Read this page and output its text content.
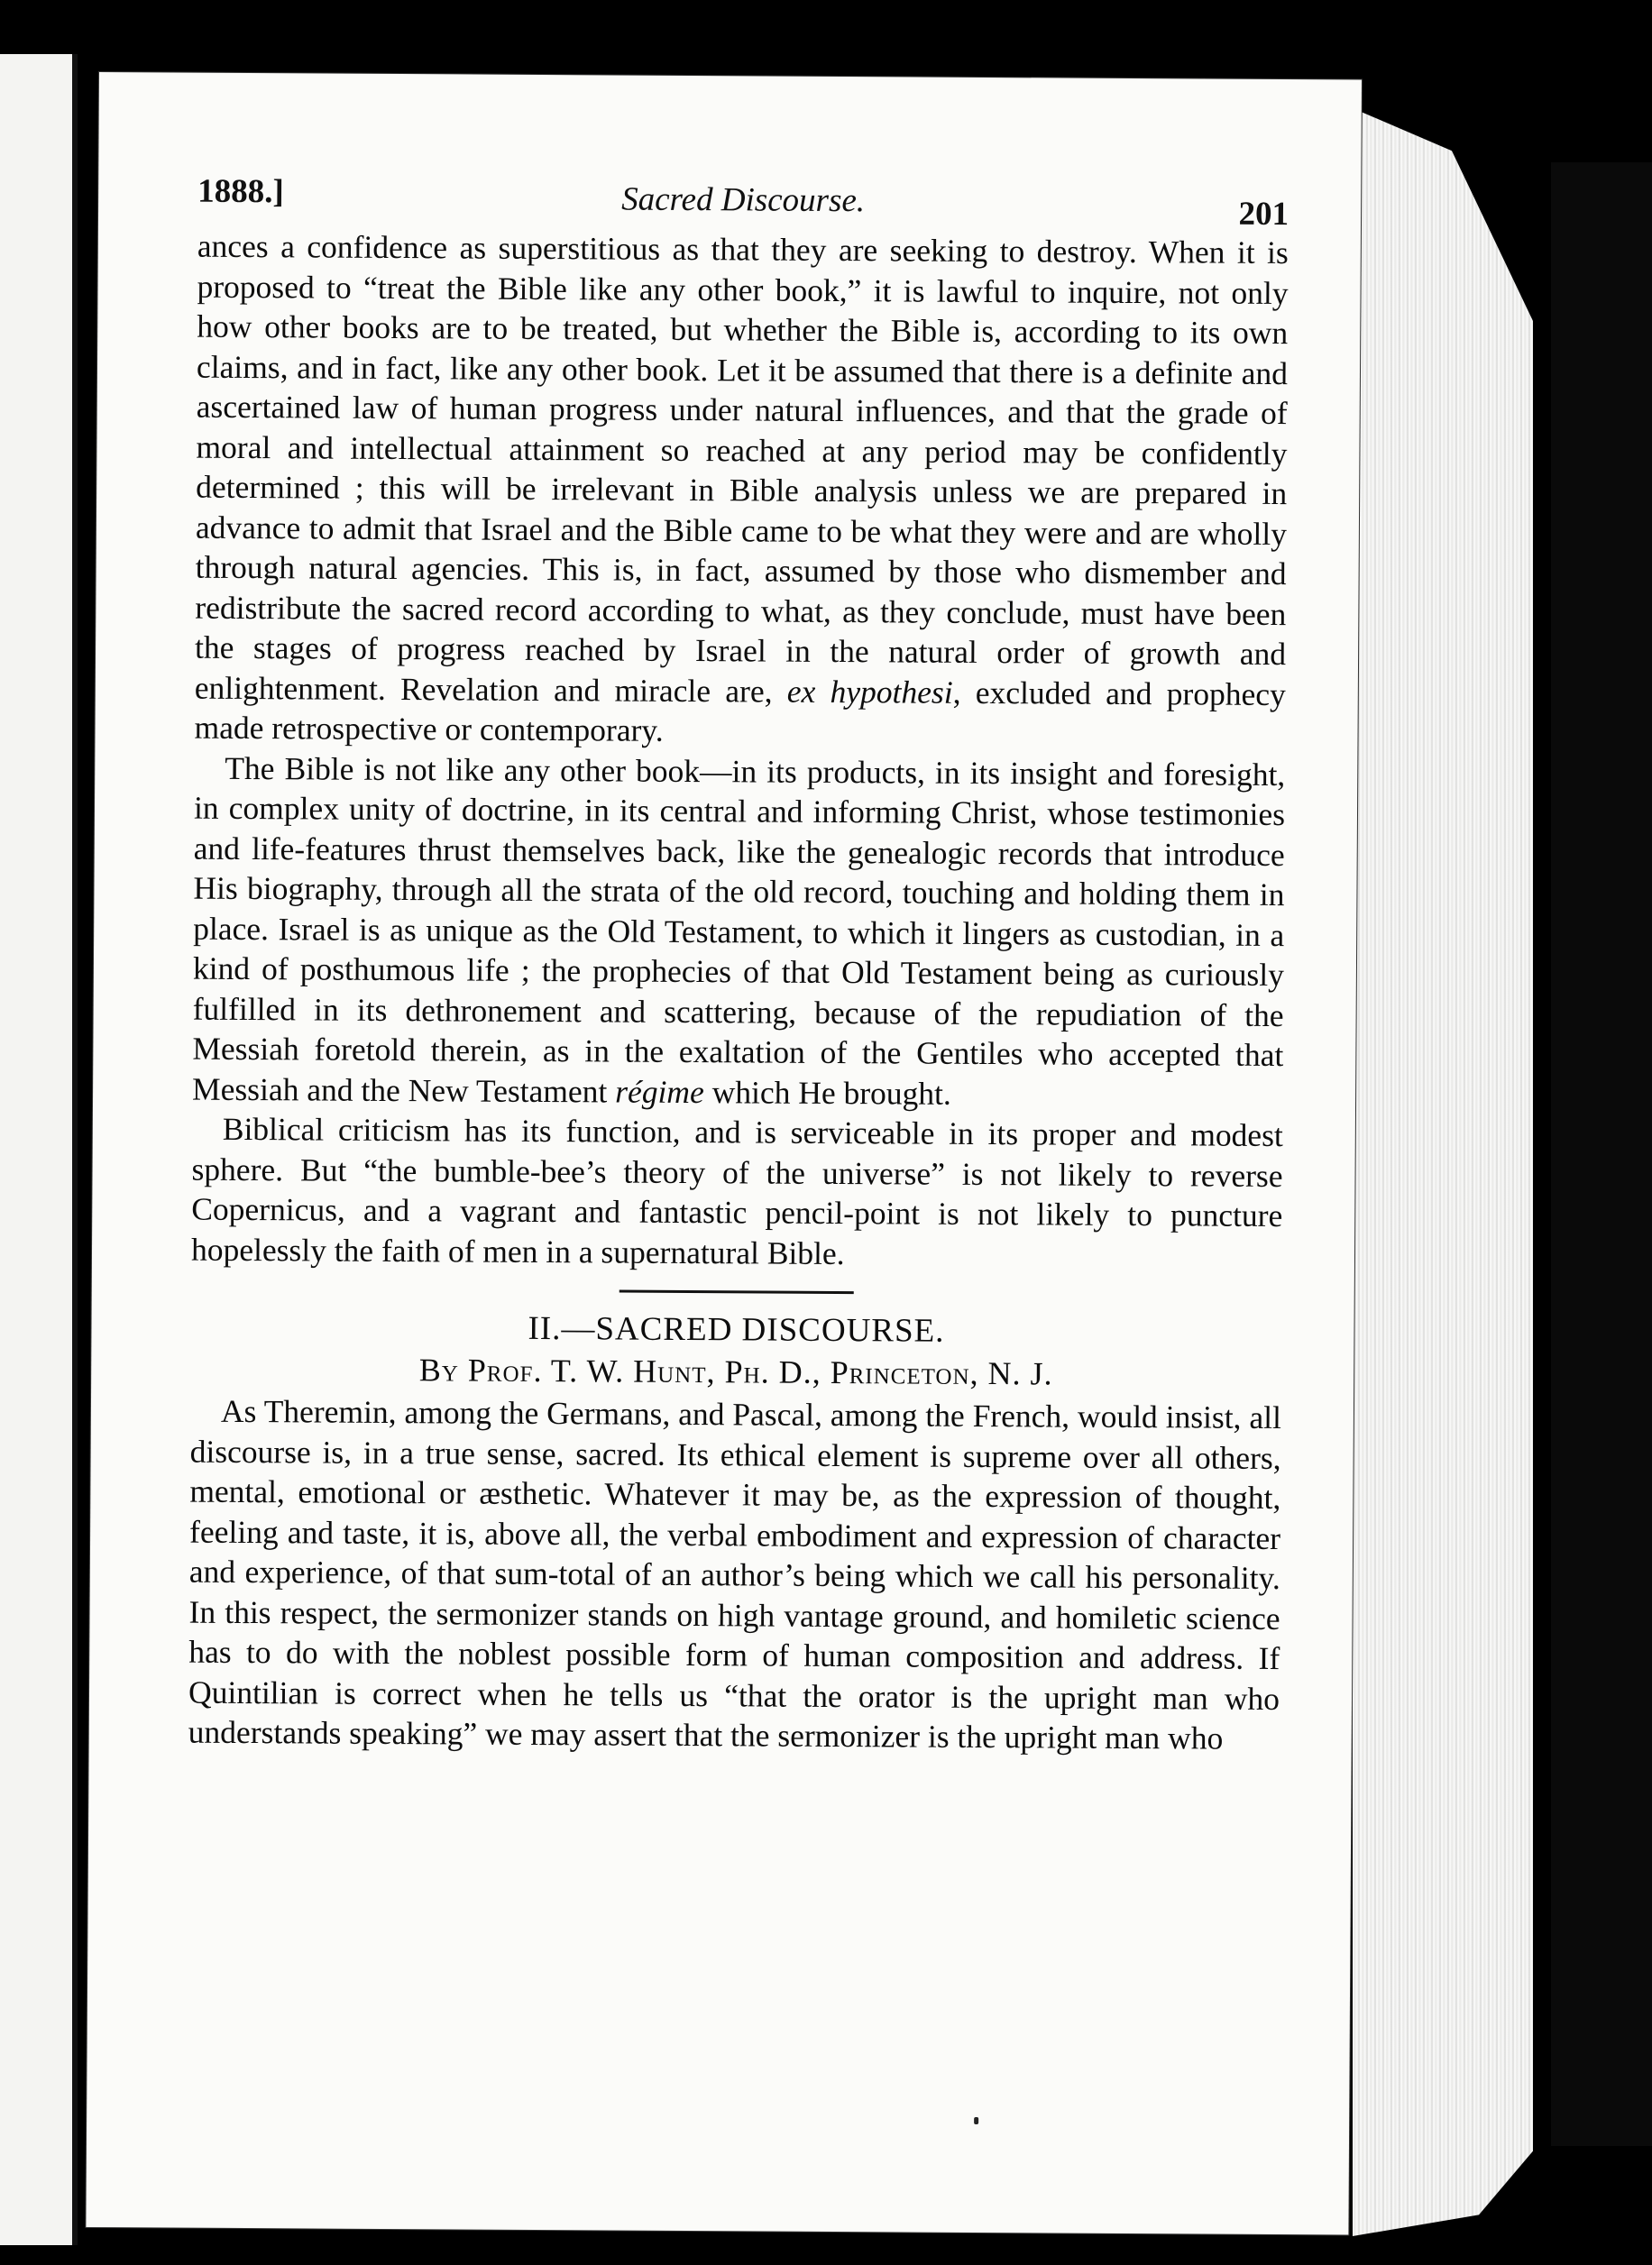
1888.]	Sacred Discourse.	201

ances a confidence as superstitious as that they are seeking to destroy. When it is proposed to “treat the Bible like any other book,” it is lawful to inquire, not only how other books are to be treated, but whether the Bible is, according to its own claims, and in fact, like any other book. Let it be assumed that there is a definite and ascertained law of human progress under natural influences, and that the grade of moral and intellectual attainment so reached at any period may be confidently determined ; this will be irrelevant in Bible analysis unless we are prepared in advance to admit that Israel and the Bible came to be what they were and are wholly through natural agencies. This is, in fact, assumed by those who dismember and redistribute the sacred record according to what, as they conclude, must have been the stages of progress reached by Israel in the natural order of growth and enlightenment. Revelation and miracle are, ex hypothesi, excluded and prophecy made retrospective or contemporary.

The Bible is not like any other book—in its products, in its insight and foresight, in complex unity of doctrine, in its central and informing Christ, whose testimonies and life-features thrust themselves back, like the genealogic records that introduce His biography, through all the strata of the old record, touching and holding them in place. Israel is as unique as the Old Testament, to which it lingers as custodian, in a kind of posthumous life ; the prophecies of that Old Testament being as curiously fulfilled in its dethronement and scattering, because of the repudiation of the Messiah foretold therein, as in the exaltation of the Gentiles who accepted that Messiah and the New Testament régime which He brought.

Biblical criticism has its function, and is serviceable in its proper and modest sphere. But “the bumble-bee’s theory of the universe” is not likely to reverse Copernicus, and a vagrant and fantastic pencil-point is not likely to puncture hopelessly the faith of men in a supernatural Bible.

II.—SACRED DISCOURSE.

By Prof. T. W. Hunt, Ph. D., Princeton, N. J.

As Theremin, among the Germans, and Pascal, among the French, would insist, all discourse is, in a true sense, sacred. Its ethical element is supreme over all others, mental, emotional or æsthetic. Whatever it may be, as the expression of thought, feeling and taste, it is, above all, the verbal embodiment and expression of character and experience, of that sum-total of an author’s being which we call his personality. In this respect, the sermonizer stands on high vantage ground, and homiletic science has to do with the noblest possible form of human composition and address. If Quintilian is correct when he tells us “that the orator is the upright man who understands speaking” we may assert that the sermonizer is the upright man who
